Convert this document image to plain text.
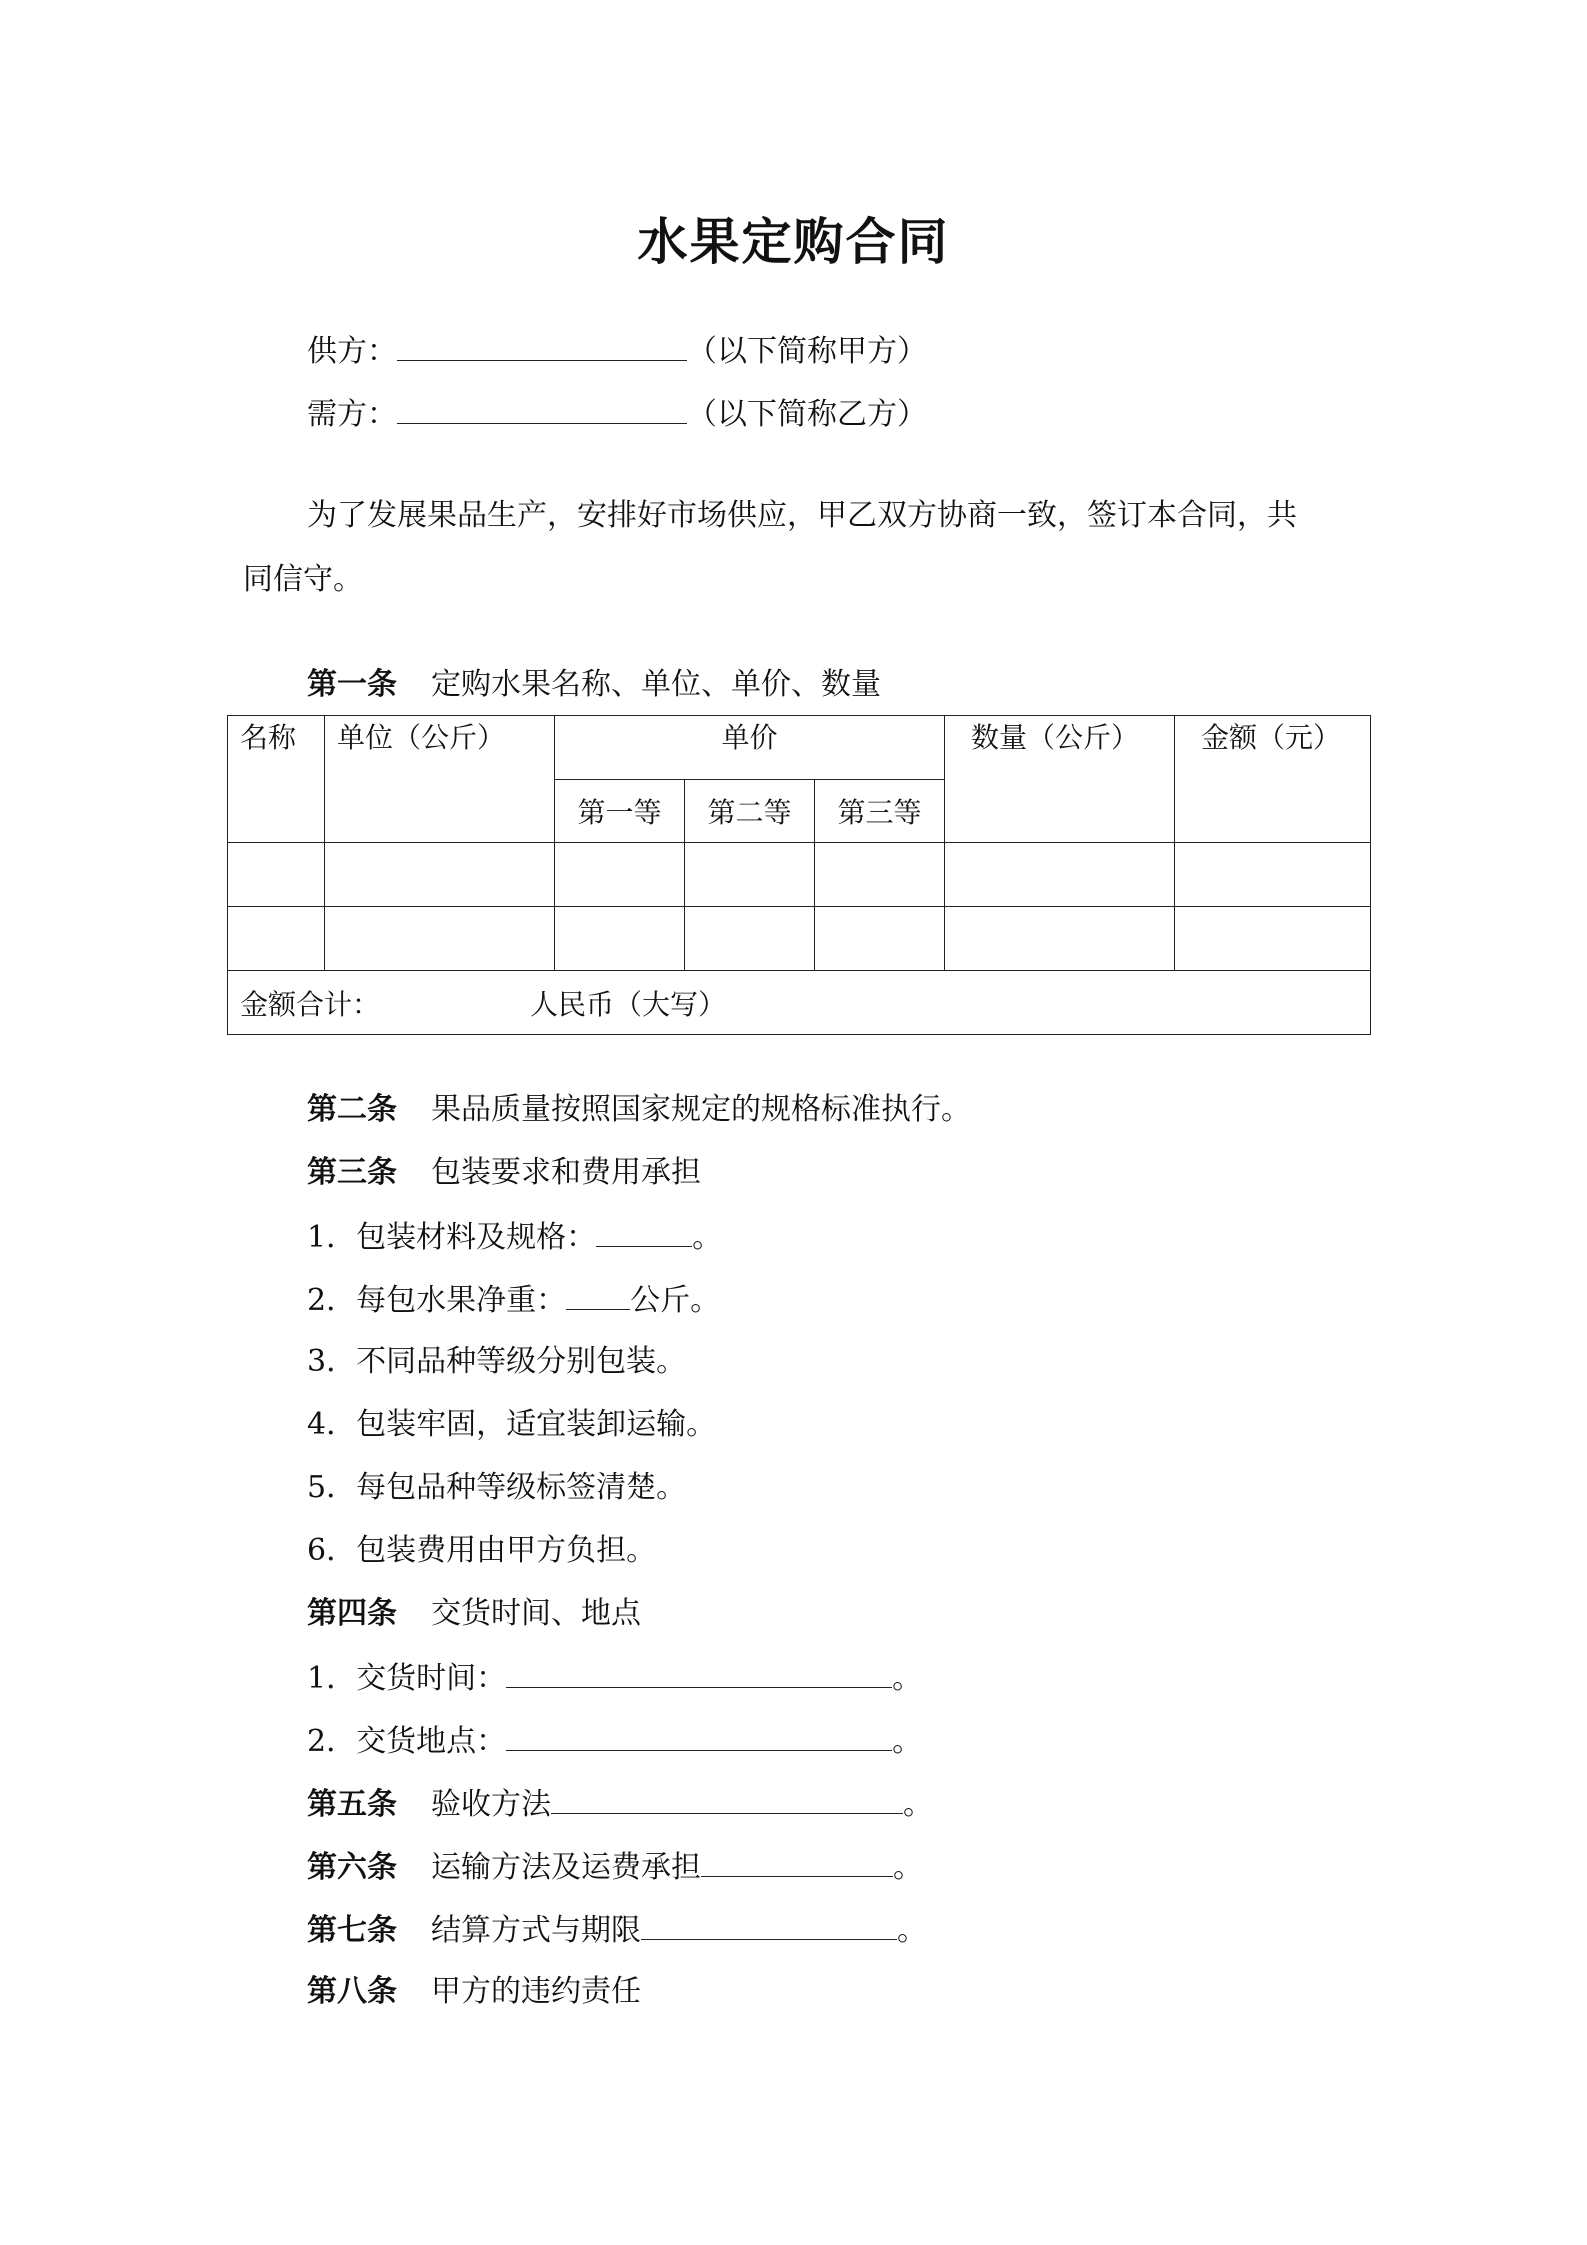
水果定购合同
供方：	（以下简称甲方）
需方：	（以下简称乙方）
为了发展果品生产，安排好市场供应，甲乙双方协商一致，签订本合同，共
同信守。
第一条 定购水果名称、单位、单价、数量
名称	单位（公斤）	单价			数量（公斤）	金额（元）
		第一等	第二等	第三等		

金额合计： 人民币（大写）						
第二条 果品质量按照国家规定的规格标准执行。
第三条 包装要求和费用承担
1．包装材料及规格：	。
2．每包水果净重： 公斤。
3．不同品种等级分别包装。
4．包装牢固，适宜装卸运输。
5．每包品种等级标签清楚。
6．包装费用由甲方负担。
第四条 交货时间、地点
1．交货时间：	。
2．交货地点：	。
第五条 验收方法	。
第六条 运输方法及运费承担	。
第七条 结算方式与期限	。
第八条 甲方的违约责任
